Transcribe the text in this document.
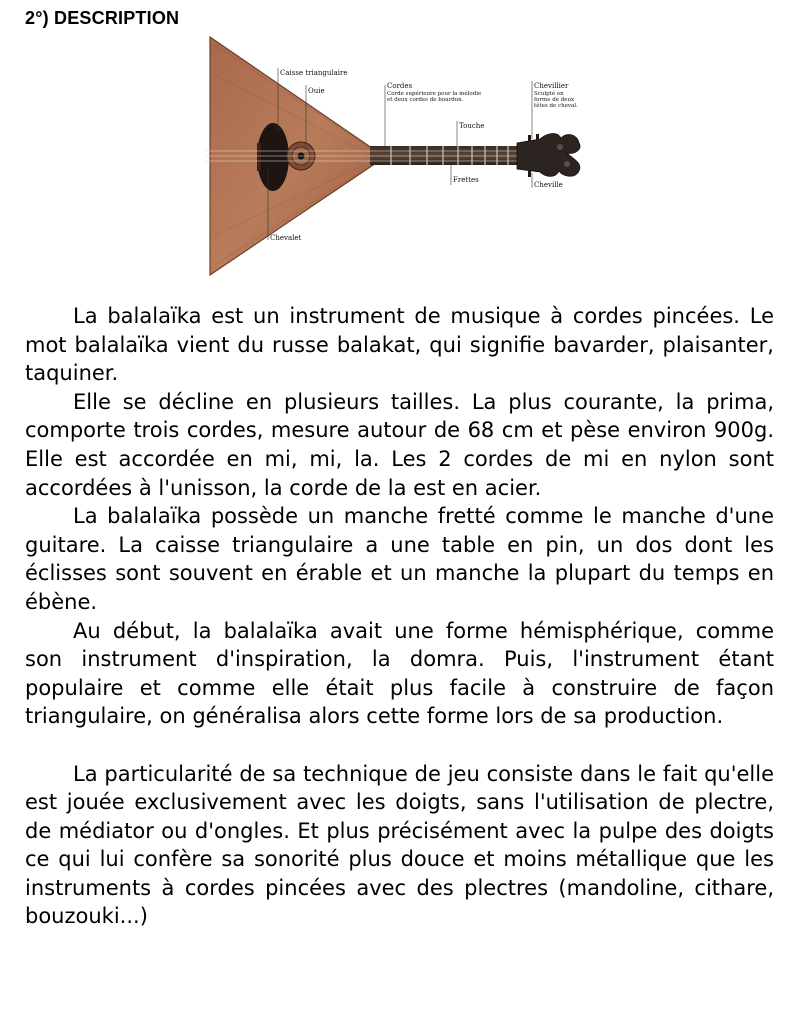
2°) DESCRIPTION
Caisse triangulaire
Ouie
Cordes
Corde supérieure pour la mélodie
et deux cordes de bourdon.
Chevillier
Sculpté en
forme de deux
têtes de cheval.
Touche
Frettes
Cheville
Chevalet

La balalaïka est un instrument de musique à cordes pincées. Le mot balalaïka vient du russe balakat, qui signifie bavarder, plaisanter, taquiner.

Elle se décline en plusieurs tailles. La plus courante, la prima, comporte trois cordes, mesure autour de 68 cm et pèse environ 900g. Elle est accordée en mi, mi, la. Les 2 cordes de mi en nylon sont accordées à l'unisson, la corde de la est en acier.

La balalaïka possède un manche fretté comme le manche d'une guitare. La caisse triangulaire a une table en pin, un dos dont les éclisses sont souvent en érable et un manche la plupart du temps en ébène.

Au début, la balalaïka avait une forme hémisphérique, comme son instrument d'inspiration, la domra. Puis, l'instrument étant populaire et comme elle était plus facile à construire de façon triangulaire, on généralisa alors cette forme lors de sa production.

La particularité de sa technique de jeu consiste dans le fait qu'elle est jouée exclusivement avec les doigts, sans l'utilisation de plectre, de médiator ou d'ongles. Et plus précisément avec la pulpe des doigts ce qui lui confère sa sonorité plus douce et moins métallique que les instruments à cordes pincées avec des plectres (mandoline, cithare, bouzouki...)
